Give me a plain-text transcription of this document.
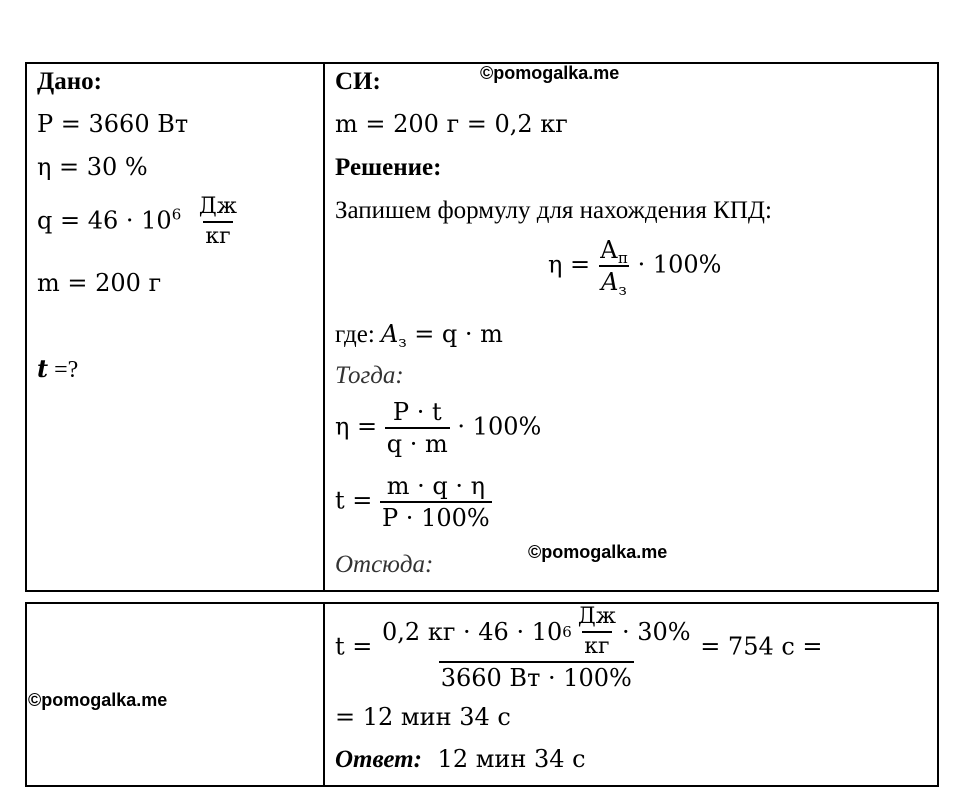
©pomogalka.me
©pomogalka.me
©pomogalka.me
Дано:
P = 3660 Вт
η = 30 %
$q = 46 \cdot 10^6 \frac{Дж}{кг}$
m = 200 г
t =?
СИ:
m = 200 г = 0,2 кг
Решение:
Запишем формулу для нахождения КПД:
$\eta = \frac{А_п}{A_з} \cdot 100\%$
где: $A_з = q \cdot m$
Тогда:
$\eta = \frac{P \cdot t}{q \cdot m} \cdot 100\%$
$t = \frac{m \cdot q \cdot \eta}{P \cdot 100\%}$
Отсюда:
t =
0,2 кг · 46 · 10 $6 \frac{Дж}{кг} \cdot 30\%$
3660 Вт · 100%
= 754 с =
= 12 мин 34 с
Ответ: 12 мин 34 с
